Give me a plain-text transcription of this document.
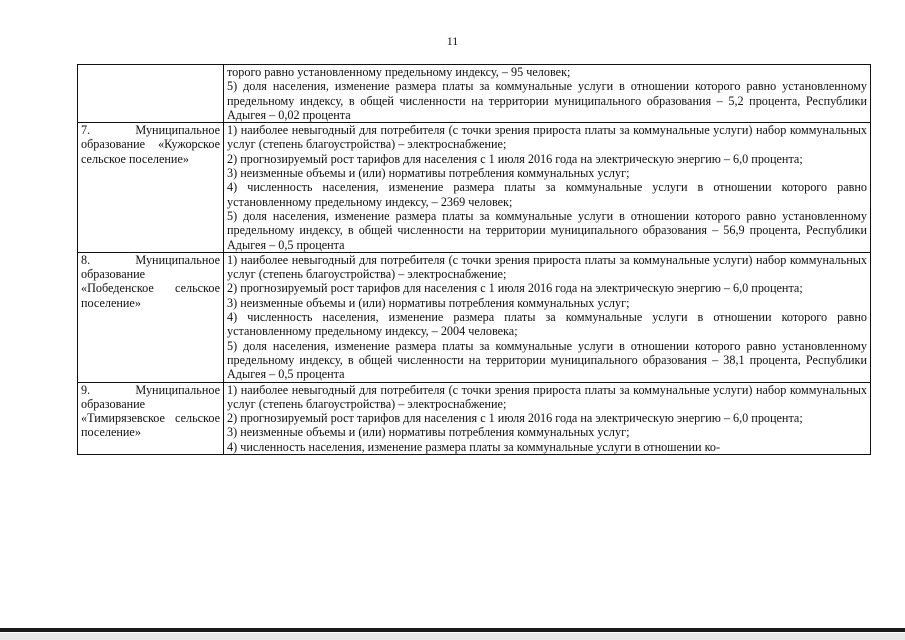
11

	торого равно установленному предельному индексу, – 95 человек;
5) доля населения, изменение размера платы за коммунальные услуги в отношении которого равно установленному предельному индексу, в общей численности на территории муниципального образования – 5,2 процента, Республики Адыгея – 0,02 процента

7. Муниципальное образование «Кужорское сельское поселение»	1) наиболее невыгодный для потребителя (с точки зрения прироста платы за коммунальные услуги) набор коммунальных услуг (степень благоустройства) – электроснабжение;
2) прогнозируемый рост тарифов для населения с 1 июля 2016 года на электрическую энергию – 6,0 процента;
3) неизменные объемы и (или) нормативы потребления коммунальных услуг;
4) численность населения, изменение размера платы за коммунальные услуги в отношении которого равно установленному предельному индексу, – 2369 человек;
5) доля населения, изменение размера платы за коммунальные услуги в отношении которого равно установленному предельному индексу, в общей численности на территории муниципального образования – 56,9 процента, Республики Адыгея – 0,5 процента

8. Муниципальное образование «Победенское сельское поселение»	1) наиболее невыгодный для потребителя (с точки зрения прироста платы за коммунальные услуги) набор коммунальных услуг (степень благоустройства) – электроснабжение;
2) прогнозируемый рост тарифов для населения с 1 июля 2016 года на электрическую энергию – 6,0 процента;
3) неизменные объемы и (или) нормативы потребления коммунальных услуг;
4) численность населения, изменение размера платы за коммунальные услуги в отношении которого равно установленному предельному индексу, – 2004 человека;
5) доля населения, изменение размера платы за коммунальные услуги в отношении которого равно установленному предельному индексу, в общей численности на территории муниципального образования – 38,1 процента, Республики Адыгея – 0,5 процента

9. Муниципальное образование «Тимирязевское сельское поселение»	1) наиболее невыгодный для потребителя (с точки зрения прироста платы за коммунальные услуги) набор коммунальных услуг (степень благоустройства) – электроснабжение;
2) прогнозируемый рост тарифов для населения с 1 июля 2016 года на электрическую энергию – 6,0 процента;
3) неизменные объемы и (или) нормативы потребления коммунальных услуг;
4) численность населения, изменение размера платы за коммунальные услуги в отношении ко-
